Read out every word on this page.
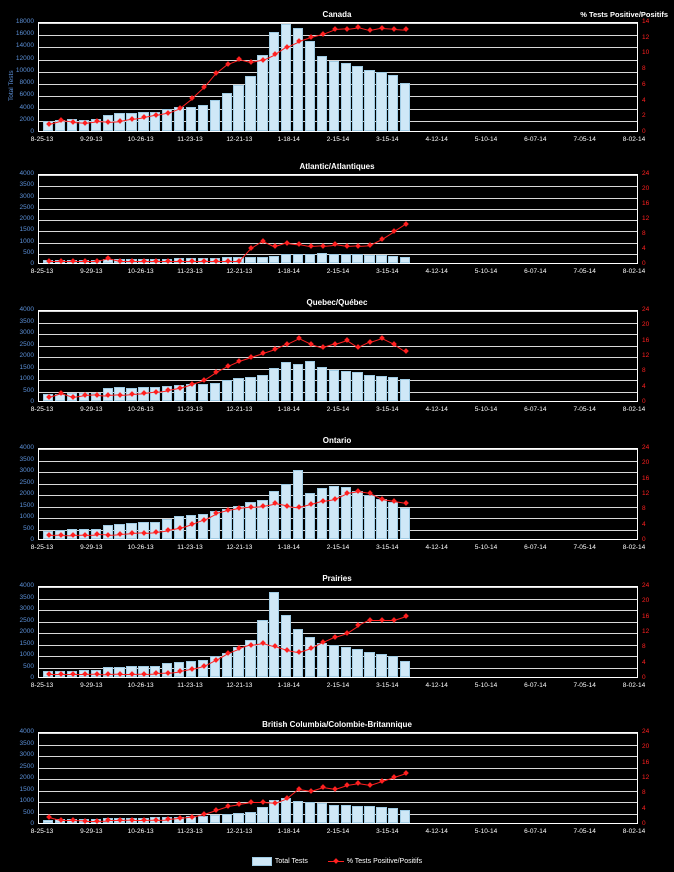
Canada	% Tests Positive/Positifs
0
2000
4000
6000
8000
10000
12000
14000
16000
18000
0
2
4
6
8
10
12
14
Total Tests
8-25-13	9-29-13	10-26-13	11-23-13	12-21-13	1-18-14	2-15-14	3-15-14	4-12-14	5-10-14	6-07-14	7-05-14	8-02-14
Atlantic/Atlantiques
0
500
1000
1500
2000
2500
3000
3500
4000
0
4
8
12
16
20
24
8-25-13	9-29-13	10-26-13	11-23-13	12-21-13	1-18-14	2-15-14	3-15-14	4-12-14	5-10-14	6-07-14	7-05-14	8-02-14
Quebec/Québec
0
500
1000
1500
2000
2500
3000
3500
4000
0
4
8
12
16
20
24
8-25-13	9-29-13	10-26-13	11-23-13	12-21-13	1-18-14	2-15-14	3-15-14	4-12-14	5-10-14	6-07-14	7-05-14	8-02-14
Ontario
0
500
1000
1500
2000
2500
3000
3500
4000
0
4
8
12
16
20
24
8-25-13	9-29-13	10-26-13	11-23-13	12-21-13	1-18-14	2-15-14	3-15-14	4-12-14	5-10-14	6-07-14	7-05-14	8-02-14
Prairies
0
500
1000
1500
2000
2500
3000
3500
4000
0
4
8
12
16
20
24
8-25-13	9-29-13	10-26-13	11-23-13	12-21-13	1-18-14	2-15-14	3-15-14	4-12-14	5-10-14	6-07-14	7-05-14	8-02-14
British Columbia/Colombie-Britannique
0
500
1000
1500
2000
2500
3000
3500
4000
0
4
8
12
16
20
24
8-25-13	9-29-13	10-26-13	11-23-13	12-21-13	1-18-14	2-15-14	3-15-14	4-12-14	5-10-14	6-07-14	7-05-14	8-02-14
Total Tests	% Tests Positive/Positifs
